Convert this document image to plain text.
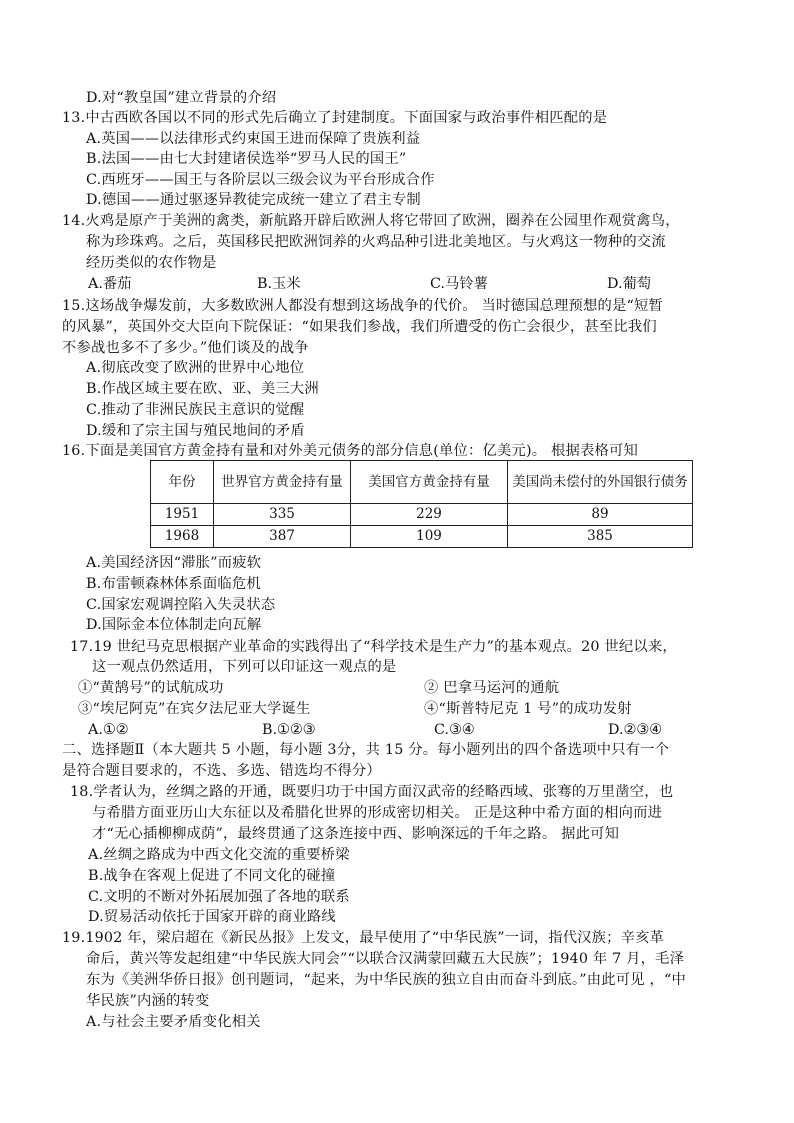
D.对“教皇国”建立背景的介绍
13.中古西欧各国以不同的形式先后确立了封建制度。下面国家与政治事件相匹配的是
A.英国——以法律形式约束国王进而保障了贵族利益
B.法国——由七大封建诸侯选举“罗马人民的国王”
C.西班牙——国王与各阶层以三级会议为平台形成合作
D.德国——通过驱逐异教徒完成统一建立了君主专制
14.火鸡是原产于美洲的禽类，新航路开辟后欧洲人将它带回了欧洲，圈养在公园里作观赏禽鸟，
称为珍珠鸡。之后，英国移民把欧洲饲养的火鸡品种引进北美地区。与火鸡这一物种的交流
经历类似的农作物是
A.番茄	B.玉米	C.马铃薯	D.葡萄
15.这场战争爆发前，大多数欧洲人都没有想到这场战争的代价。 当时德国总理预想的是“短暂
的风暴”，英国外交大臣向下院保证：“如果我们参战，我们所遭受的伤亡会很少，甚至比我们
不参战也多不了多少。”他们谈及的战争
A.彻底改变了欧洲的世界中心地位
B.作战区域主要在欧、亚、美三大洲
C.推动了非洲民族民主意识的觉醒
D.缓和了宗主国与殖民地间的矛盾
16.下面是美国官方黄金持有量和对外美元债务的部分信息(单位：亿美元)。 根据表格可知
年份	世界官方黄金持有量	美国官方黄金持有量	美国尚未偿付的外国银行债务
1951	335	229	89
1968	387	109	385
A.美国经济因“滞胀”而疲软
B.布雷顿森林体系面临危机
C.国家宏观调控陷入失灵状态
D.国际金本位体制走向瓦解
17.19 世纪马克思根据产业革命的实践得出了“科学技术是生产力”的基本观点。20 世纪以来，
这一观点仍然适用，下列可以印证这一观点的是
①“黄鹄号”的试航成功	② 巴拿马运河的通航
③“埃尼阿克”在宾夕法尼亚大学诞生	④“斯普特尼克 1 号”的成功发射
A.①②	B.①②③	C.③④	D.②③④
二、选择题Ⅱ（本大题共 5 小题，每小题 3分，共 15 分。每小题列出的四个备选项中只有一个
是符合题目要求的，不选、多选、错选均不得分）
18.学者认为，丝绸之路的开通，既要归功于中国方面汉武帝的经略西域、张骞的万里凿空，也
与希腊方面亚历山大东征以及希腊化世界的形成密切相关。 正是这种中希方面的相向而进
才“无心插柳柳成荫”，最终贯通了这条连接中西、影响深远的千年之路。 据此可知
A.丝绸之路成为中西文化交流的重要桥梁
B.战争在客观上促进了不同文化的碰撞
C.文明的不断对外拓展加强了各地的联系
D.贸易活动依托于国家开辟的商业路线
19.1902 年，梁启超在《新民丛报》上发文，最早使用了“中华民族”一词，指代汉族；辛亥革
命后，黄兴等发起组建“中华民族大同会”“以联合汉满蒙回藏五大民族”；1940 年 7 月，毛泽
东为《美洲华侨日报》创刊题词，“起来，为中华民族的独立自由而奋斗到底。”由此可见 ，“中
华民族”内涵的转变
A.与社会主要矛盾变化相关
